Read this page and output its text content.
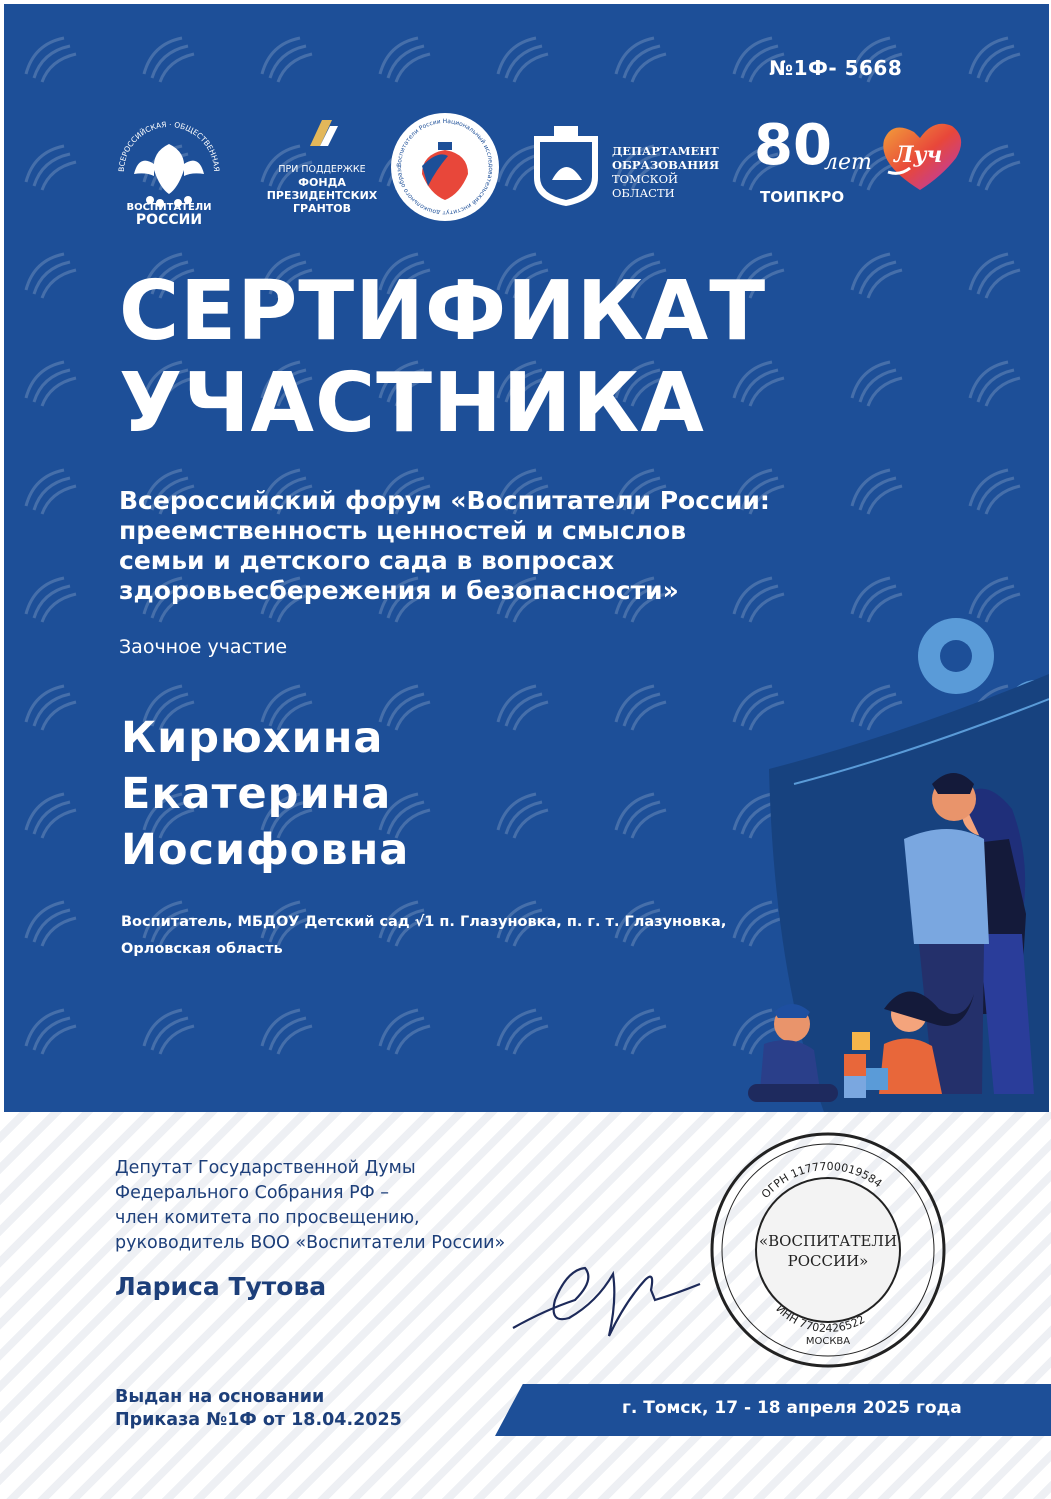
№1Ф- 5668
ВСЕРОССИЙСКАЯ · ОБЩЕСТВЕННАЯ
ВОСПИТАТЕЛИ
РОССИИ
ПРИ ПОДДЕРЖКЕ
ФОНДА
ПРЕЗИДЕНТСКИХ
ГРАНТОВ
Воспитатели России Национальный исследовательский институт дошкольного образо
ДЕПАРТАМЕНТ
ОБРАЗОВАНИЯ
ТОМСКОЙ ОБЛАСТИ
80
лет
ТОИПКРО
Луч
СЕРТИФИКАТ
УЧАСТНИКА
Всероссийский форум «Воспитатели России:
преемственность ценностей и смыслов
семьи и детского сада в вопросах
здоровьесбережения и безопасности»
Заочное участие
Кирюхина
Екатерина
Иосифовна
Воспитатель, МБДОУ Детский сад √1 п. Глазуновка, п. г. т. Глазуновка,
Орловская область
Депутат Государственной Думы
Федерального Собрания РФ –
член комитета по просвещению,
руководитель ВОО «Воспитатели России»
Лариса Тутова
ОГРН 1177700019584
ИНН 7702426522
«ВОСПИТАТЕЛИ
РОССИИ»
МОСКВА
Выдан на основании
Приказа №1Ф от 18.04.2025
г. Томск, 17 - 18 апреля 2025 года
